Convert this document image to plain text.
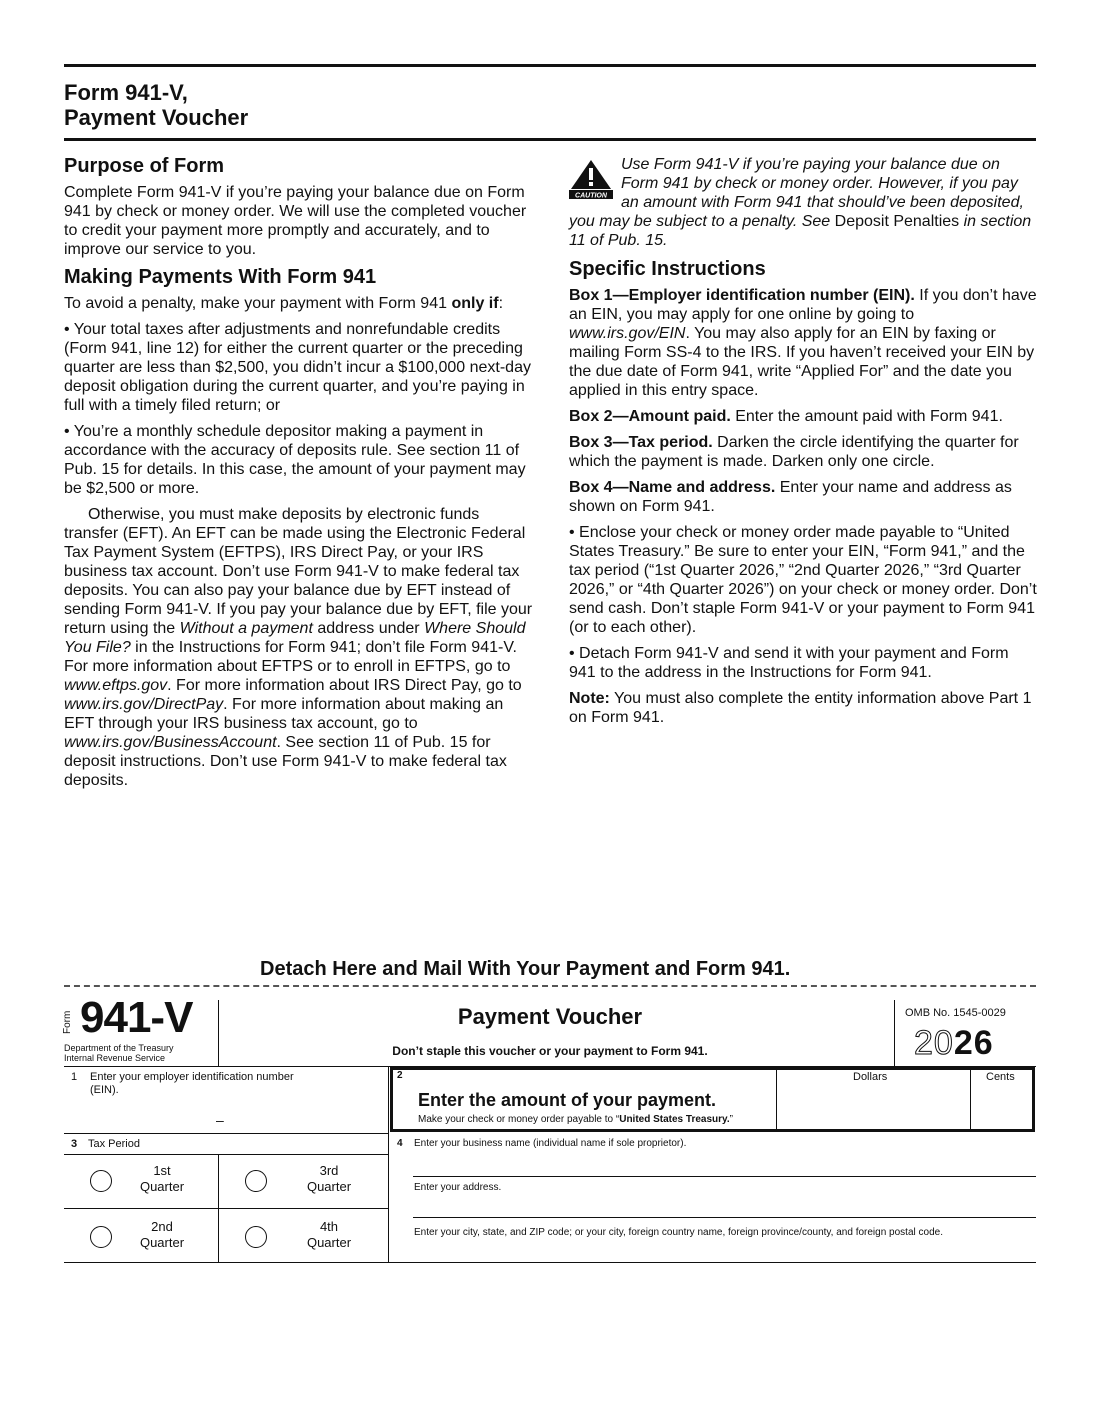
Form 941-V,
Payment Voucher
Purpose of Form

Complete Form 941-V if you’re paying your balance due on Form 941 by check or money order. We will use the completed voucher to credit your payment more promptly and accurately, and to improve our service to you.

Making Payments With Form 941

To avoid a penalty, make your payment with Form 941 only if:

• Your total taxes after adjustments and nonrefundable credits (Form 941, line 12) for either the current quarter or the preceding quarter are less than $2,500, you didn’t incur a $100,000 next-day deposit obligation during the current quarter, and you’re paying in full with a timely filed return; or

• You’re a monthly schedule depositor making a payment in accordance with the accuracy of deposits rule. See section 11 of Pub. 15 for details. In this case, the amount of your payment may be $2,500 or more.

Otherwise, you must make deposits by electronic funds transfer (EFT). An EFT can be made using the Electronic Federal Tax Payment System (EFTPS), IRS Direct Pay, or your IRS business tax account. Don’t use Form 941-V to make federal tax deposits. You can also pay your balance due by EFT instead of sending Form 941-V. If you pay your balance due by EFT, file your return using the Without a payment address under Where Should You File? in the Instructions for Form 941; don’t file Form 941-V. For more information about EFTPS or to enroll in EFTPS, go to www.eftps.gov. For more information about IRS Direct Pay, go to www.irs.gov/DirectPay. For more information about making an EFT through your IRS business tax account, go to www.irs.gov/BusinessAccount. See section 11 of Pub. 15 for deposit instructions. Don’t use Form 941-V to make federal tax deposits.

CAUTION
Use Form 941-V if you’re paying your balance due on Form 941 by check or money order. However, if you pay an amount with Form 941 that should’ve been deposited, you may be subject to a penalty. See Deposit Penalties in section 11 of Pub. 15.
Specific Instructions

Box 1—Employer identification number (EIN). If you don’t have an EIN, you may apply for one online by going to www.irs.gov/EIN. You may also apply for an EIN by faxing or mailing Form SS-4 to the IRS. If you haven’t received your EIN by the due date of Form 941, write “Applied For” and the date you applied in this entry space.

Box 2—Amount paid. Enter the amount paid with Form 941.

Box 3—Tax period. Darken the circle identifying the quarter for which the payment is made. Darken only one circle.

Box 4—Name and address. Enter your name and address as shown on Form 941.

• Enclose your check or money order made payable to “United States Treasury.” Be sure to enter your EIN, “Form 941,” and the tax period (“1st Quarter 2026,” “2nd Quarter 2026,” “3rd Quarter 2026,” or “4th Quarter 2026”) on your check or money order. Don’t send cash. Don’t staple Form 941-V or your payment to Form 941 (or to each other).

• Detach Form 941-V and send it with your payment and Form 941 to the address in the Instructions for Form 941.

Note: You must also complete the entity information above Part 1 on Form 941.

Detach Here and Mail With Your Payment and Form 941.
Form 941-V
Department of the Treasury
Internal Revenue Service
Payment Voucher
Don’t staple this voucher or your payment to Form 941.
OMB No. 1545-0029
2026
1 Enter your employer identification number (EIN).
–
2
Enter the amount of your payment.
Make your check or money order payable to “United States Treasury.”
Dollars	Cents
3 Tax Period
1st
Quarter
3rd
Quarter
2nd
Quarter
4th
Quarter
4 Enter your business name (individual name if sole proprietor).
Enter your address.
Enter your city, state, and ZIP code; or your city, foreign country name, foreign province/county, and foreign postal code.
